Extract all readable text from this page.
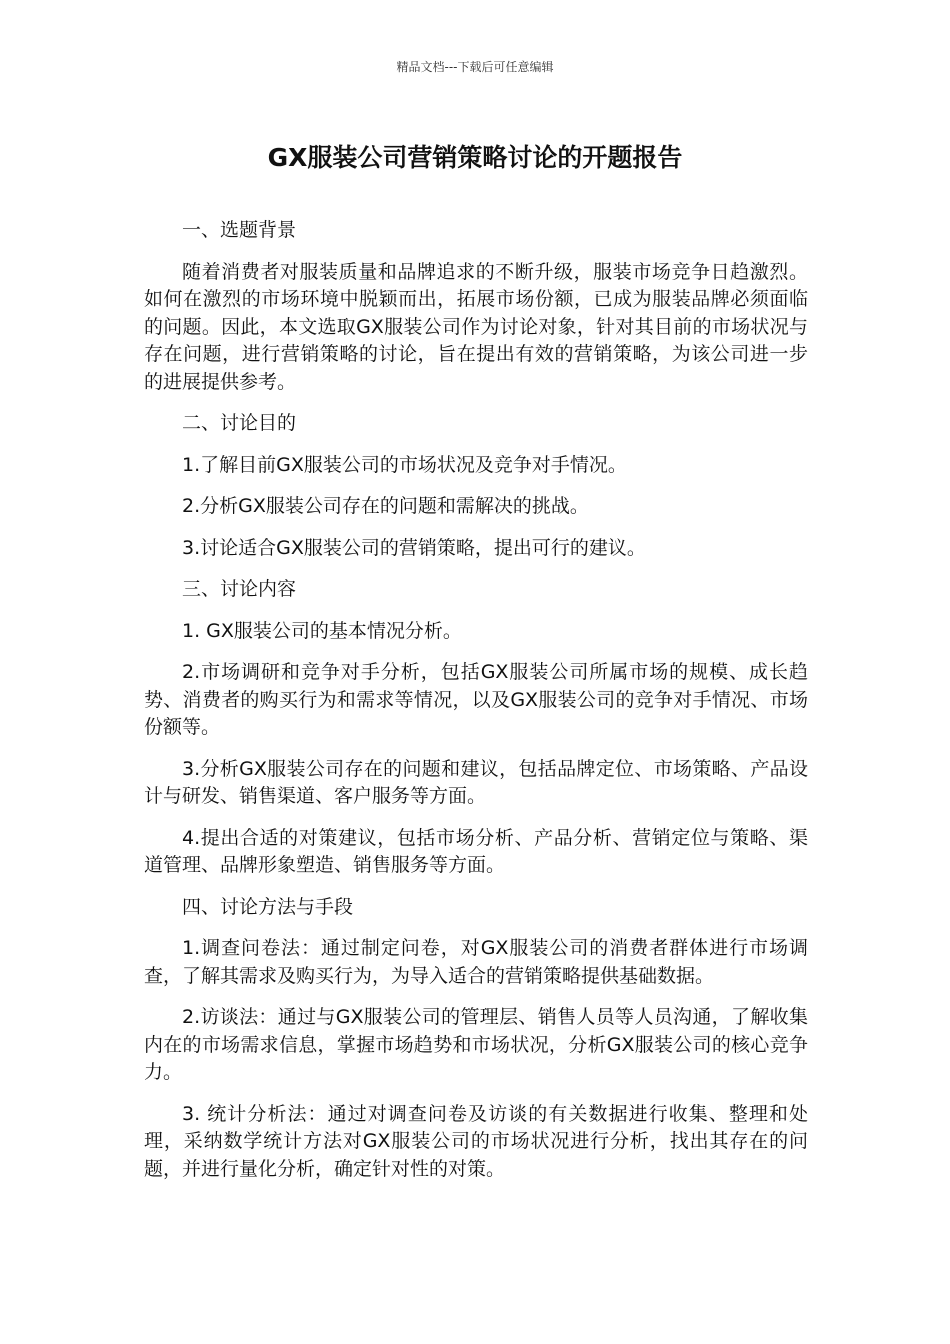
精品文档---下载后可任意编辑
GX服装公司营销策略讨论的开题报告

一、选题背景

随着消费者对服装质量和品牌追求的不断升级，服装市场竞争日趋激烈。如何在激烈的市场环境中脱颖而出，拓展市场份额，已成为服装品牌必须面临的问题。因此，本文选取GX服装公司作为讨论对象，针对其目前的市场状况与存在问题，进行营销策略的讨论，旨在提出有效的营销策略，为该公司进一步的进展提供参考。

二、讨论目的

1.了解目前GX服装公司的市场状况及竞争对手情况。

2.分析GX服装公司存在的问题和需解决的挑战。

3.讨论适合GX服装公司的营销策略，提出可行的建议。

三、讨论内容

1. GX服装公司的基本情况分析。

2.市场调研和竞争对手分析，包括GX服装公司所属市场的规模、成长趋势、消费者的购买行为和需求等情况，以及GX服装公司的竞争对手情况、市场份额等。

3.分析GX服装公司存在的问题和建议，包括品牌定位、市场策略、产品设计与研发、销售渠道、客户服务等方面。

4.提出合适的对策建议，包括市场分析、产品分析、营销定位与策略、渠道管理、品牌形象塑造、销售服务等方面。

四、讨论方法与手段

1.调查问卷法：通过制定问卷，对GX服装公司的消费者群体进行市场调查，了解其需求及购买行为，为导入适合的营销策略提供基础数据。

2.访谈法：通过与GX服装公司的管理层、销售人员等人员沟通，了解收集内在的市场需求信息，掌握市场趋势和市场状况，分析GX服装公司的核心竞争力。

3. 统计分析法：通过对调查问卷及访谈的有关数据进行收集、整理和处理，采纳数学统计方法对GX服装公司的市场状况进行分析，找出其存在的问题，并进行量化分析，确定针对性的对策。
